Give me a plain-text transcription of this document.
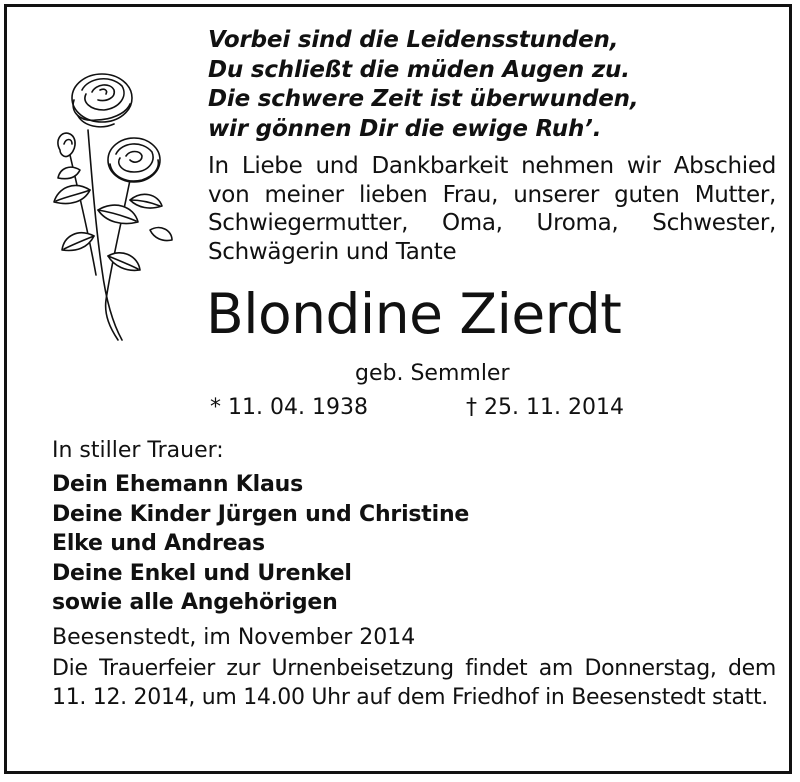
Vorbei sind die Leidensstunden,
Du schließt die müden Augen zu.
Die schwere Zeit ist überwunden,
wir gönnen Dir die ewige Ruh’.
In Liebe und Dankbarkeit nehmen wir Abschied von meiner lieben Frau, unserer guten Mutter, Schwiegermutter, Oma, Uroma, Schwester, Schwägerin und Tante
Blondine Zierdt
geb. Semmler
* 11. 04. 1938	† 25. 11. 2014
In stiller Trauer:
Dein Ehemann Klaus
Deine Kinder Jürgen und Christine
Elke und Andreas
Deine Enkel und Urenkel
sowie alle Angehörigen
Beesenstedt, im November 2014
Die Trauerfeier zur Urnenbeisetzung findet am Donnerstag, dem 11. 12. 2014, um 14.00 Uhr auf dem Friedhof in Beesenstedt statt.
